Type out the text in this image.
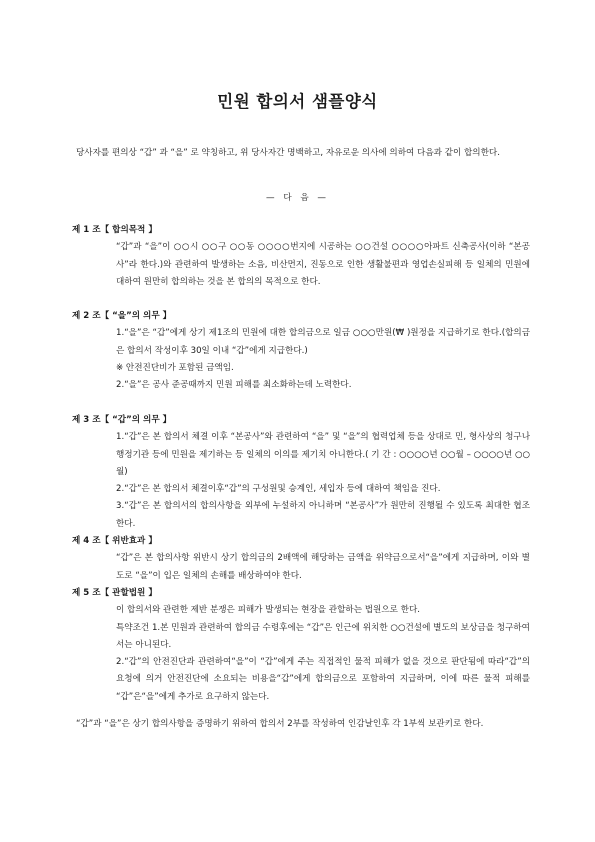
민원 합의서 샘플양식
당사자를 편의상 “갑” 과 “을” 로 약칭하고, 위 당사자간 명백하고, 자유로운 의사에 의하여 다음과 같이 합의한다.
— 다 음 —
제 1 조【 합의목적 】

“갑”과 “을”이 ○○시 ○○구 ○○동 ○○○○번지에 시공하는 ○○건설 ○○○○아파트 신축공사(이하 “본공사”라 한다.)와 관련하여 발생하는 소음, 비산먼지, 진동으로 인한 생활불편과 영업손실피해 등 일체의 민원에 대하여 원만히 합의하는 것을 본 합의의 목적으로 한다.

제 2 조【 “을”의 의무 】

1.“을”은 “갑”에게 상기 제1조의 민원에 대한 합의금으로 일금 ○○○만원(₩ )원정을 지급하기로 한다.(합의금은 합의서 작성이후 30일 이내 “갑”에게 지급한다.)

※ 안전진단비가 포함된 금액임.

2.“을”은 공사 준공때까지 민원 피해를 최소화하는데 노력한다.

제 3 조【 “갑”의 의무 】

1.“갑”은 본 합의서 체결 이후 “본공사”와 관련하여 “을” 및 “을”의 협력업체 등을 상대로 민, 형사상의 청구나 행정기관 등에 민원을 제기하는 등 일체의 이의를 제기치 아니한다.( 기 간 : ○○○○년 ○○월 – ○○○○년 ○○월)

2.“갑”은 본 합의서 체결이후“갑”의 구성원및 승계인, 세입자 등에 대하여 책임을 진다.

3.“갑”은 본 합의서의 합의사항을 외부에 누설하지 아니하며 “본공사”가 원만히 진행될 수 있도록 최대한 협조한다.

제 4 조【 위반효과 】

“갑”은 본 합의사항 위반시 상기 합의금의 2배액에 해당하는 금액을 위약금으로서“을”에게 지급하며, 이와 별도로 “을”이 입은 일체의 손해를 배상하여야 한다.

제 5 조【 관할법원 】

이 합의서와 관련한 제반 분쟁은 피해가 발생되는 현장을 관할하는 법원으로 한다.

특약조건 1.본 민원과 관련하여 합의금 수령후에는 “갑”은 인근에 위치한 ○○건설에 별도의 보상금을 청구하여서는 아니된다.

2.“갑”의 안전진단과 관련하여“을”이 “갑”에게 주는 직접적인 물적 피해가 없을 것으로 판단됨에 따라“갑”의 요청에 의거 안전진단에 소요되는 비용을“갑”에게 합의금으로 포함하여 지급하며, 이에 따른 물적 피해를 “갑”은“을”에게 추가로 요구하지 않는다.

“갑”과 “을”은 상기 합의사항을 증명하기 위하여 합의서 2부를 작성하여 인감날인후 각 1부씩 보관키로 한다.
